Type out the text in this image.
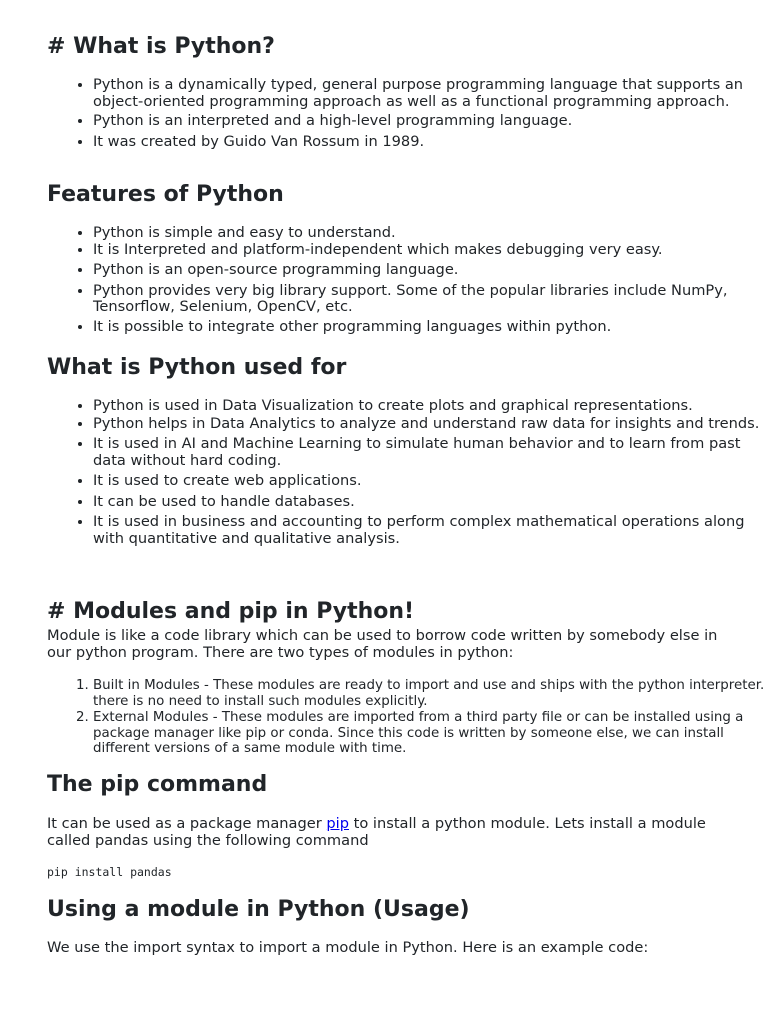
# What is Python?
• Python is a dynamically typed, general purpose programming language that supports an object-oriented programming approach as well as a functional programming approach.
• Python is an interpreted and a high-level programming language.
• It was created by Guido Van Rossum in 1989.
Features of Python
• Python is simple and easy to understand.
• It is Interpreted and platform-independent which makes debugging very easy.
• Python is an open-source programming language.
• Python provides very big library support. Some of the popular libraries include NumPy, Tensorflow, Selenium, OpenCV, etc.
• It is possible to integrate other programming languages within python.
What is Python used for
• Python is used in Data Visualization to create plots and graphical representations.
• Python helps in Data Analytics to analyze and understand raw data for insights and trends.
• It is used in AI and Machine Learning to simulate human behavior and to learn from past data without hard coding.
• It is used to create web applications.
• It can be used to handle databases.
• It is used in business and accounting to perform complex mathematical operations along with quantitative and qualitative analysis.
# Modules and pip in Python!

Module is like a code library which can be used to borrow code written by somebody else in our python program. There are two types of modules in python:

1. Built in Modules - These modules are ready to import and use and ships with the python interpreter. there is no need to install such modules explicitly.
2. External Modules - These modules are imported from a third party file or can be installed using a package manager like pip or conda. Since this code is written by someone else, we can install different versions of a same module with time.
The pip command

It can be used as a package manager pip to install a python module. Lets install a module called pandas using the following command

pip install pandas
Using a module in Python (Usage)

We use the import syntax to import a module in Python. Here is an example code:
